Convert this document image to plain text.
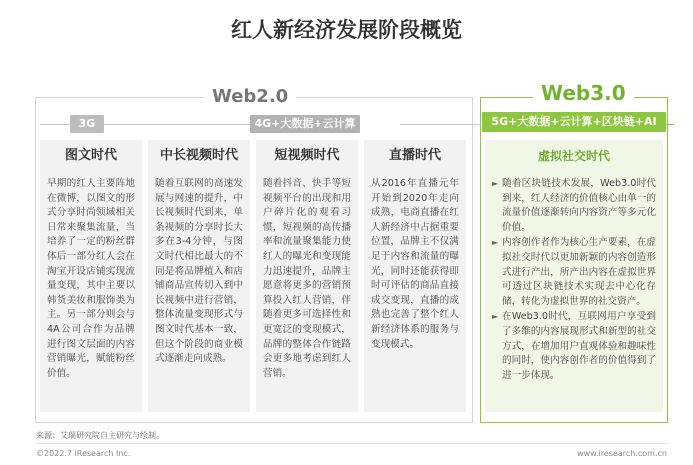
红人新经济发展阶段概览
Web2.0	Web3.0
3G	4G+大数据+云计算	5G+大数据+云计算+区块链+AI
图文时代
早期的红人主要阵地在微博，以图文的形式分享时尚领域相关日常来聚集流量，当培养了一定的粉丝群体后一部分红人会在淘宝开设店铺实现流量变现，其中主要以韩货美妆和服饰类为主。另一部分则会与4A公司合作为品牌进行图文层面的内容营销曝光，赋能粉丝价值。
中长视频时代
随着互联网的高速发展与网速的提升，中长视频时代到来，单条视频的分享时长大多在3-4分钟，与图文时代相比最大的不同是将品牌植入和店铺商品宣传切入到中长视频中进行营销，整体流量变现形式与图文时代基本一致，但这个阶段的商业模式逐渐走向成熟。
短视频时代
随着抖音、快手等短视频平台的出现和用户碎片化的观看习惯，短视频的高传播率和流量聚集能力使红人的曝光和变现能力迅速提升，品牌主愿意将更多的营销预算投入红人营销，伴随着更多可选择性和更宽泛的变现模式，品牌的整体合作链路会更多地考虑到红人营销。
直播时代
从2016年直播元年开始到2020年走向成熟，电商直播在红人新经济中占据重要位置，品牌主不仅满足于内容和流量的曝光，同时还能获得即时可评估的商品直接成交变现，直播的成熟也完善了整个红人新经济体系的服务与变现模式。
虚拟社交时代
► 随着区块链技术发展，Web3.0时代到来，红人经济的价值核心由单一的流量价值逐渐转向内容资产等多元化价值。
► 内容创作者作为核心生产要素，在虚拟社交时代以更加新颖的内容创造形式进行产出，所产出内容在虚拟世界可透过区块链技术实现去中心化存储，转化为虚拟世界的社交资产。
► 在Web3.0时代，互联网用户享受到了多维的内容展现形式和新型的社交方式，在增加用户直观体验和趣味性的同时，使内容创作者的价值得到了进一步体现。
来源：艾瑞研究院自主研究与绘制。
©2022.7 iResearch Inc.	www.iresearch.com.cn
